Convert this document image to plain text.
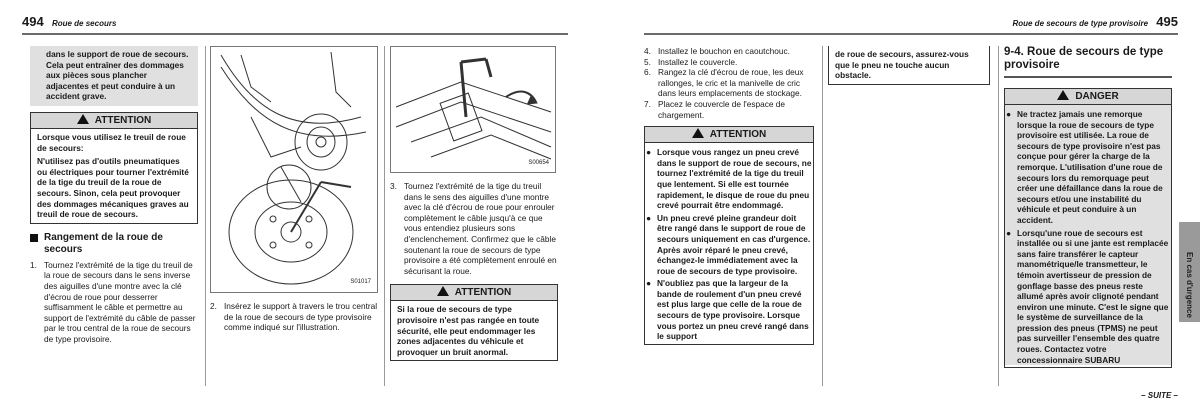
494 Roue de secours
dans le support de roue de secours. Cela peut entraîner des dommages aux pièces sous plancher adjacentes et peut conduire à un accident grave.
ATTENTION
Lorsque vous utilisez le treuil de roue de secours:
N'utilisez pas d'outils pneumatiques ou électriques pour tourner l'extrémité de la tige du treuil de la roue de secours. Sinon, cela peut provoquer des dommages mécaniques graves au treuil de roue de secours.
Rangement de la roue de secours
1. Tournez l'extrémité de la tige du treuil de la roue de secours dans le sens inverse des aiguilles d'une montre avec la clé d'écrou de roue pour desserrer suffisamment le câble et permettre au support de l'extrémité du câble de passer par le trou central de la roue de secours de type provisoire.
S01017
2. Insérez le support à travers le trou central de la roue de secours de type provisoire comme indiqué sur l'illustration.
S00654
3. Tournez l'extrémité de la tige du treuil dans le sens des aiguilles d'une montre avec la clé d'écrou de roue pour enrouler complètement le câble jusqu'à ce que vous entendiez plusieurs sons d'enclenchement. Confirmez que le câble soutenant la roue de secours de type provisoire a été complètement enroulé en sécurisant la roue.
ATTENTION
Si la roue de secours de type provisoire n'est pas rangée en toute sécurité, elle peut endommager les zones adjacentes du véhicule et provoquer un bruit anormal.
Roue de secours de type provisoire 495
4. Installez le bouchon en caoutchouc.
5. Installez le couvercle.
6. Rangez la clé d'écrou de roue, les deux rallonges, le cric et la manivelle de cric dans leurs emplacements de stockage.
7. Placez le couvercle de l'espace de chargement.
ATTENTION
● Lorsque vous rangez un pneu crevé dans le support de roue de secours, ne tournez l'extrémité de la tige du treuil que lentement. Si elle est tournée rapidement, le disque de roue du pneu crevé pourrait être endommagé.
● Un pneu crevé pleine grandeur doit être rangé dans le support de roue de secours uniquement en cas d'urgence. Après avoir réparé le pneu crevé, échangez-le immédiatement avec la roue de secours de type provisoire.
● N'oubliez pas que la largeur de la bande de roulement d'un pneu crevé est plus large que celle de la roue de secours de type provisoire. Lorsque vous portez un pneu crevé rangé dans le support
de roue de secours, assurez-vous que le pneu ne touche aucun obstacle.
9-4. Roue de secours de type provisoire
DANGER
● Ne tractez jamais une remorque lorsque la roue de secours de type provisoire est utilisée. La roue de secours de type provisoire n'est pas conçue pour gérer la charge de la remorque. L'utilisation d'une roue de secours lors du remorquage peut créer une défaillance dans la roue de secours et/ou une instabilité du véhicule et peut conduire à un accident.
● Lorsqu'une roue de secours est installée ou si une jante est remplacée sans faire transférer le capteur manométrique/le transmetteur, le témoin avertisseur de pression de gonflage basse des pneus reste allumé après avoir clignoté pendant environ une minute. C'est le signe que le système de surveillance de la pression des pneus (TPMS) ne peut pas surveiller l'ensemble des quatre roues. Contactez votre concessionnaire SUBARU
– SUITE –
En cas d'urgence
